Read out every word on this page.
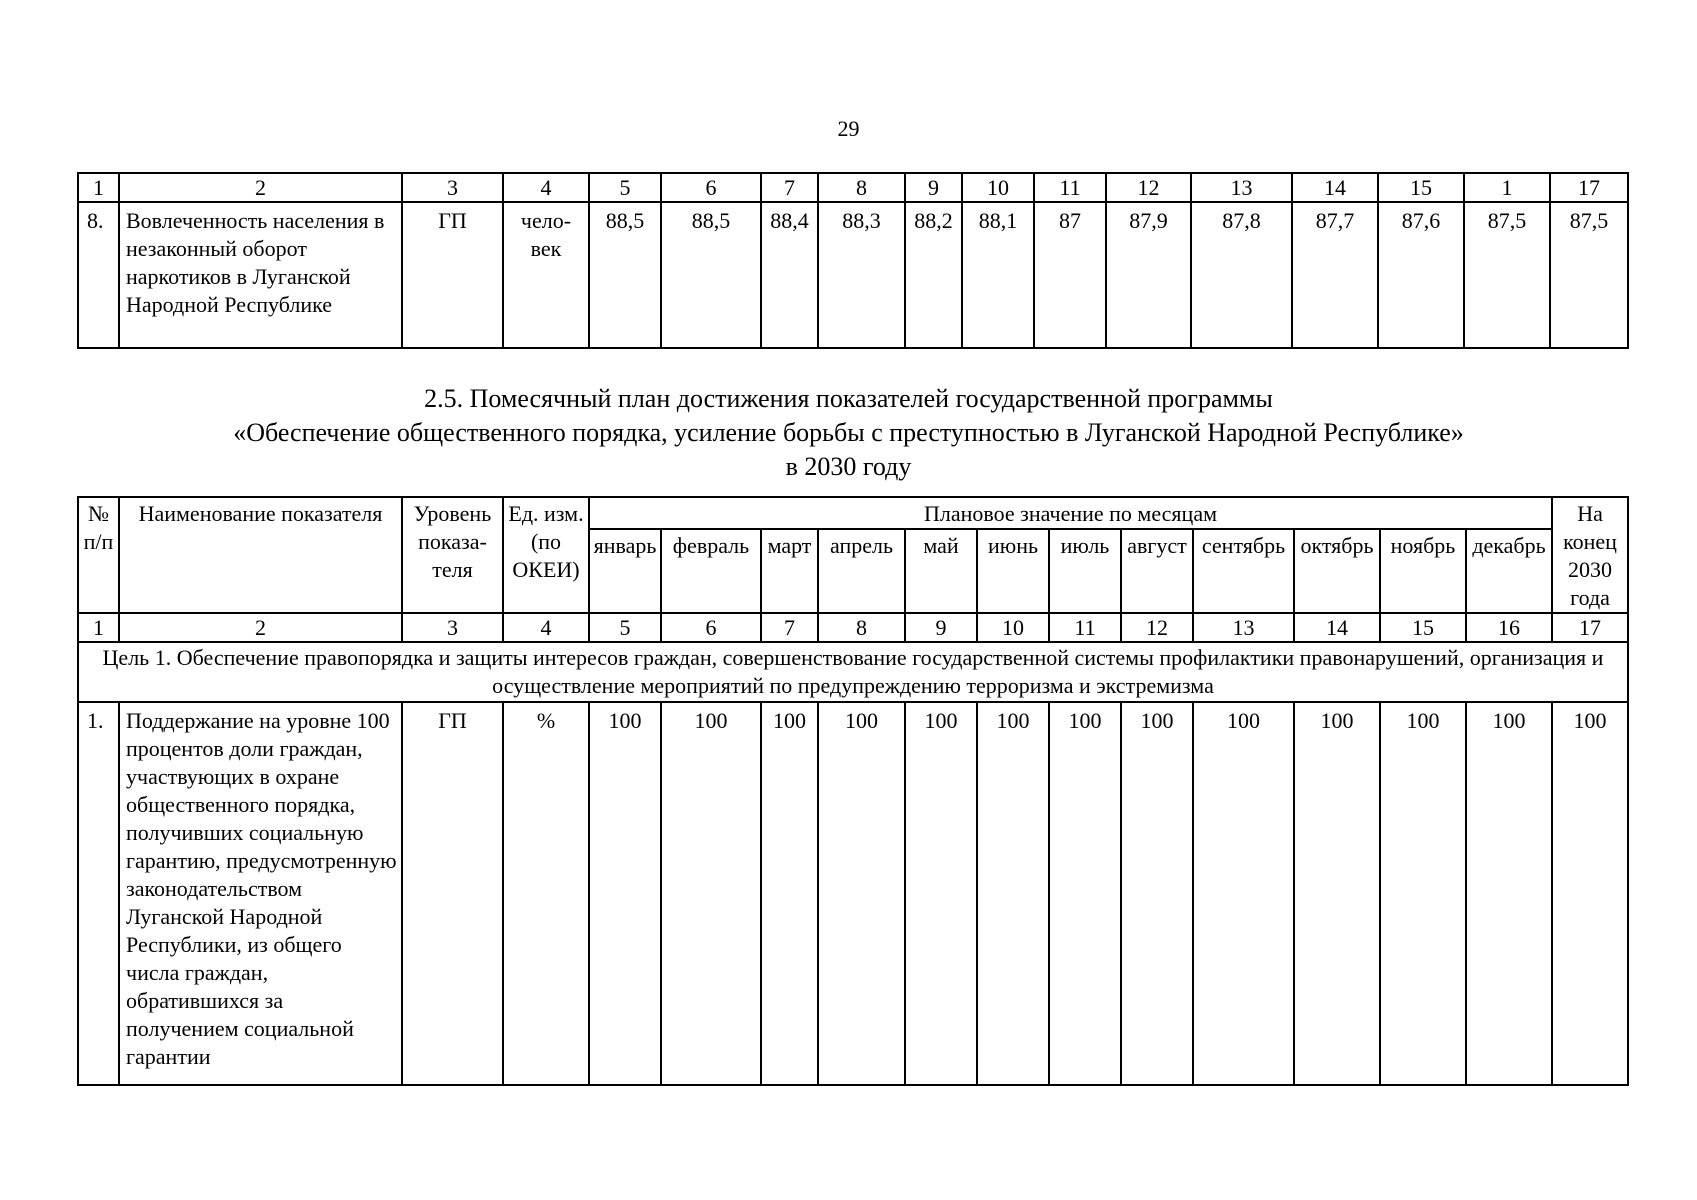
29
1	2	3	4	5	6	7	8	9	10	11	12	13	14	15	1	17
8.	Вовлеченность населения в незаконный оборот наркотиков в Луганской Народной Республике	ГП	чело-век	88,5	88,5	88,4	88,3	88,2	88,1	87	87,9	87,8	87,7	87,6	87,5	87,5
2.5. Помесячный план достижения показателей государственной программы
«Обеспечение общественного порядка, усиление борьбы с преступностью в Луганской Народной Республике»
в 2030 году
№ п/п	Наименование показателя	Уровень показа-теля	Ед. изм. (по ОКЕИ)	Плановое значение по месяцам												На конец 2030 года
				январь	февраль	март	апрель	май	июнь	июль	август	сентябрь	октябрь	ноябрь	декабрь	
1	2	3	4	5	6	7	8	9	10	11	12	13	14	15	16	17
Цель 1. Обеспечение правопорядка и защиты интересов граждан, совершенствование государственной системы профилактики правонарушений, организация и осуществление мероприятий по предупреждению терроризма и экстремизма																
1.	Поддержание на уровне 100 процентов доли граждан, участвующих в охране общественного порядка, получивших социальную гарантию, предусмотренную законодательством Луганской Народной Республики, из общего числа граждан, обратившихся за получением социальной гарантии	ГП	%	100	100	100	100	100	100	100	100	100	100	100	100	100
